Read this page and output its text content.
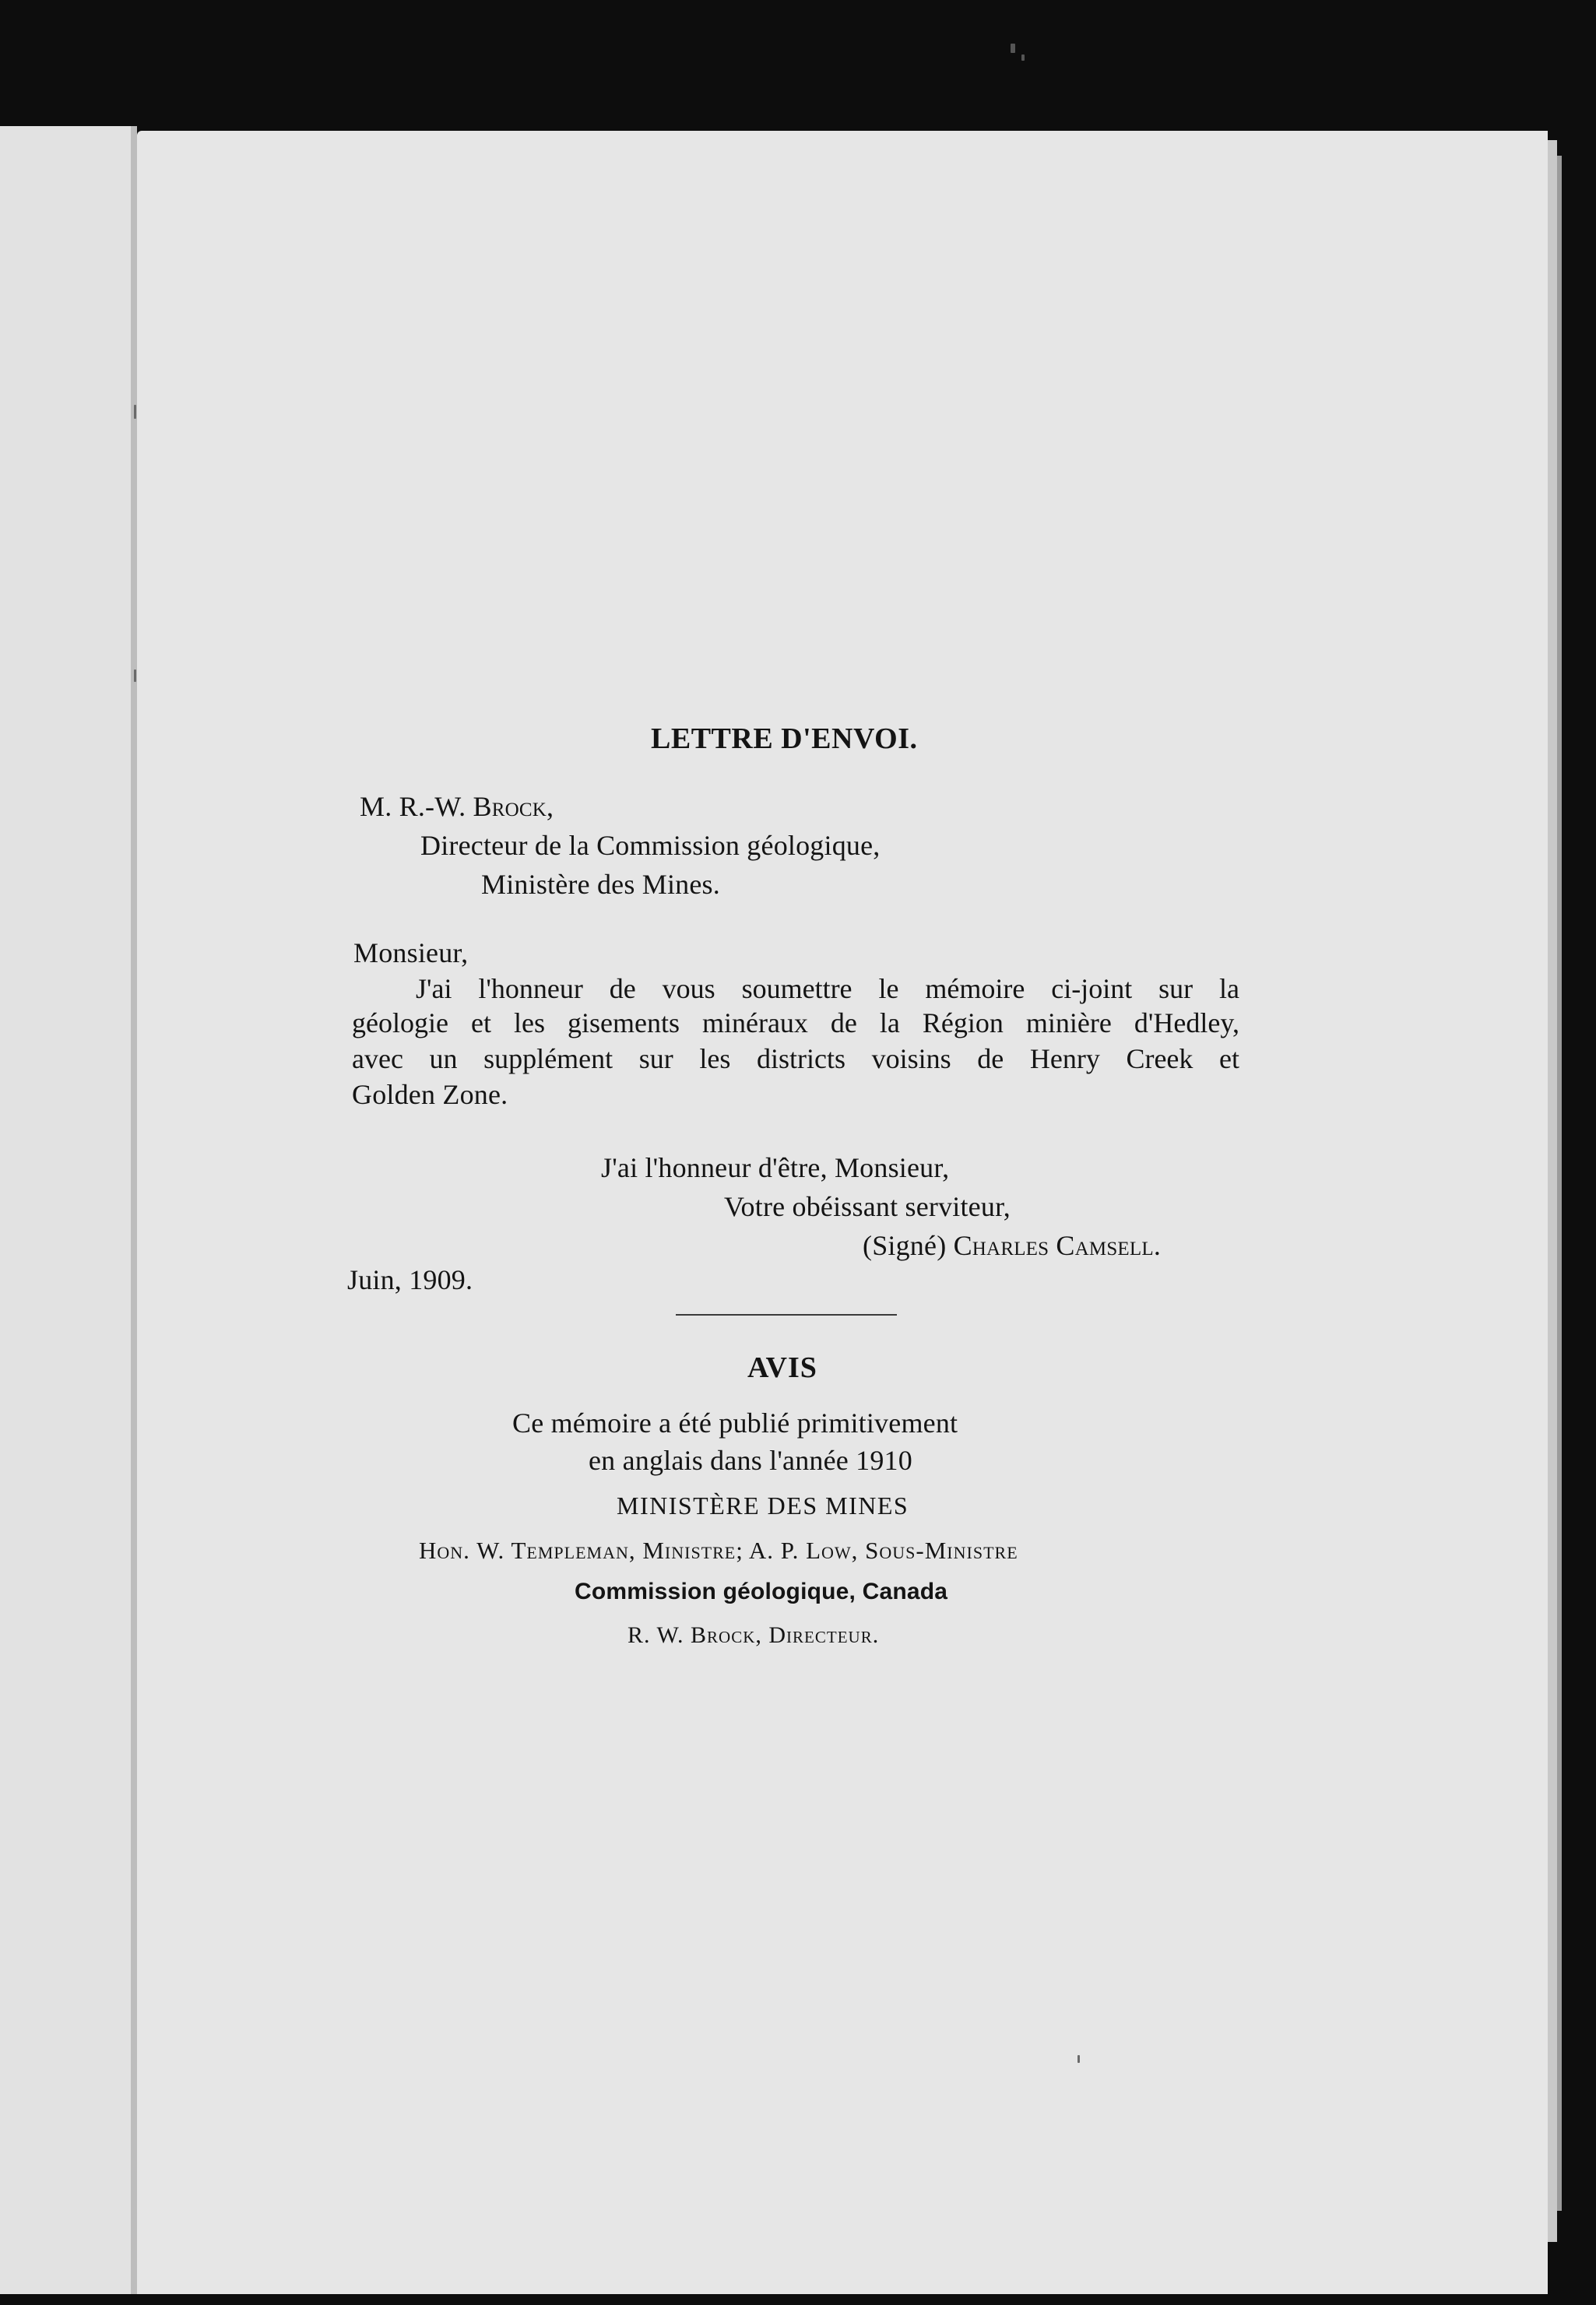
LETTRE D'ENVOI.
M. R.-W. Brock,
Directeur de la Commission géologique,
Ministère des Mines.
Monsieur,
J'ai l'honneur de vous soumettre le mémoire ci-joint sur la
géologie et les gisements minéraux de la Région minière d'Hedley,
avec un supplément sur les districts voisins de Henry Creek et
Golden Zone.
J'ai l'honneur d'être, Monsieur,
Votre obéissant serviteur,
(Signé) Charles Camsell.
Juin, 1909.
AVIS
Ce mémoire a été publié primitivement
en anglais dans l'année 1910
MINISTÈRE DES MINES
Hon. W. Templeman, Ministre; A. P. Low, Sous-Ministre
Commission géologique, Canada
R. W. Brock, Directeur.
